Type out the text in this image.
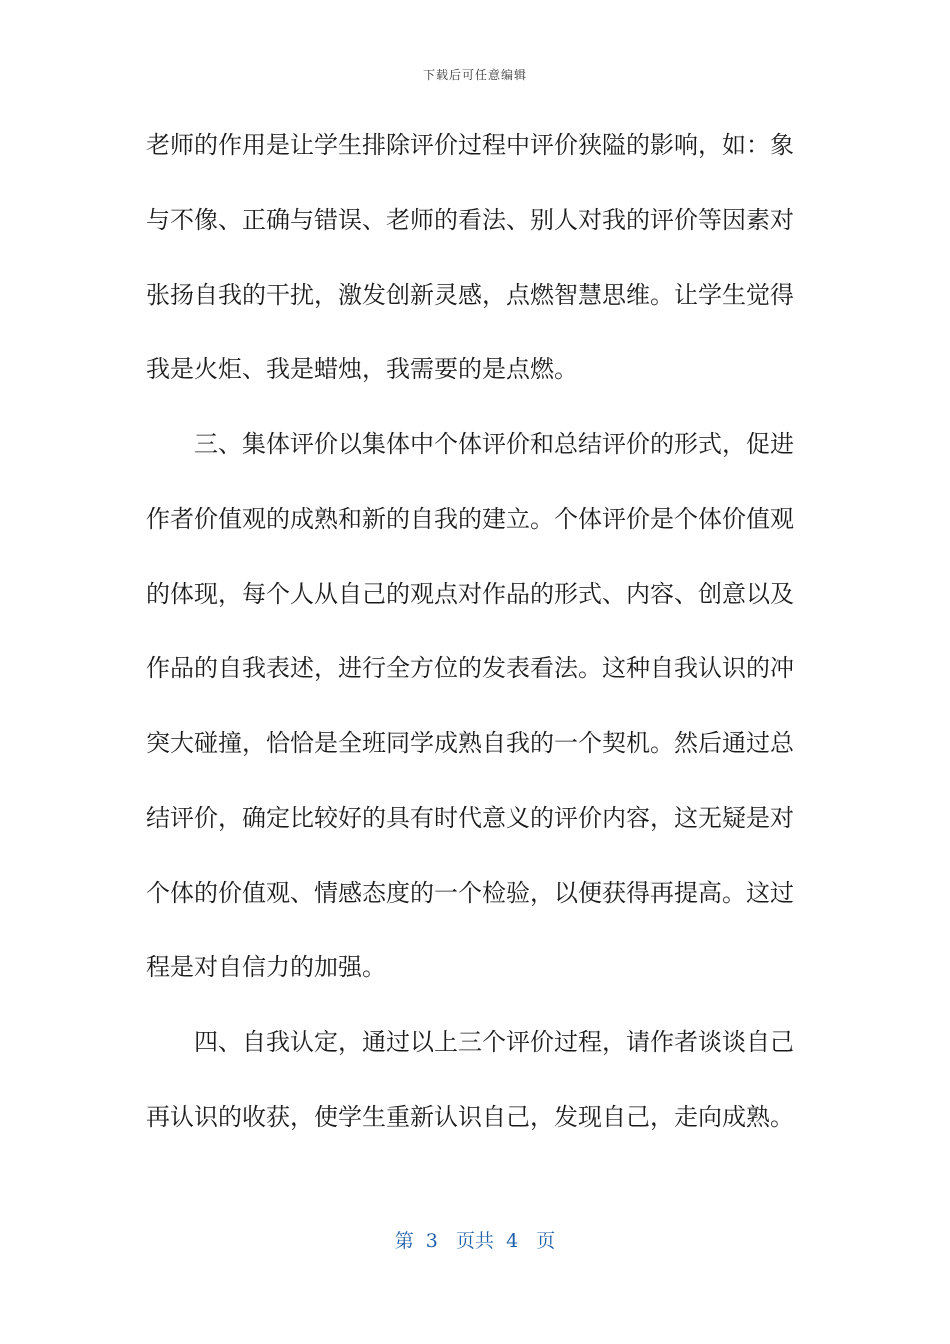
下载后可任意编辑
老师的作用是让学生排除评价过程中评价狭隘的影响，如：象
与不像、正确与错误、老师的看法、别人对我的评价等因素对
张扬自我的干扰，激发创新灵感，点燃智慧思维。让学生觉得
我是火炬、我是蜡烛，我需要的是点燃。
三、集体评价以集体中个体评价和总结评价的形式，促进
作者价值观的成熟和新的自我的建立。个体评价是个体价值观
的体现，每个人从自己的观点对作品的形式、内容、创意以及
作品的自我表述，进行全方位的发表看法。这种自我认识的冲
突大碰撞，恰恰是全班同学成熟自我的一个契机。然后通过总
结评价，确定比较好的具有时代意义的评价内容，这无疑是对
个体的价值观、情感态度的一个检验，以便获得再提高。这过
程是对自信力的加强。
四、自我认定，通过以上三个评价过程，请作者谈谈自己
再认识的收获，使学生重新认识自己，发现自己，走向成熟。
第  3   页共  4   页
